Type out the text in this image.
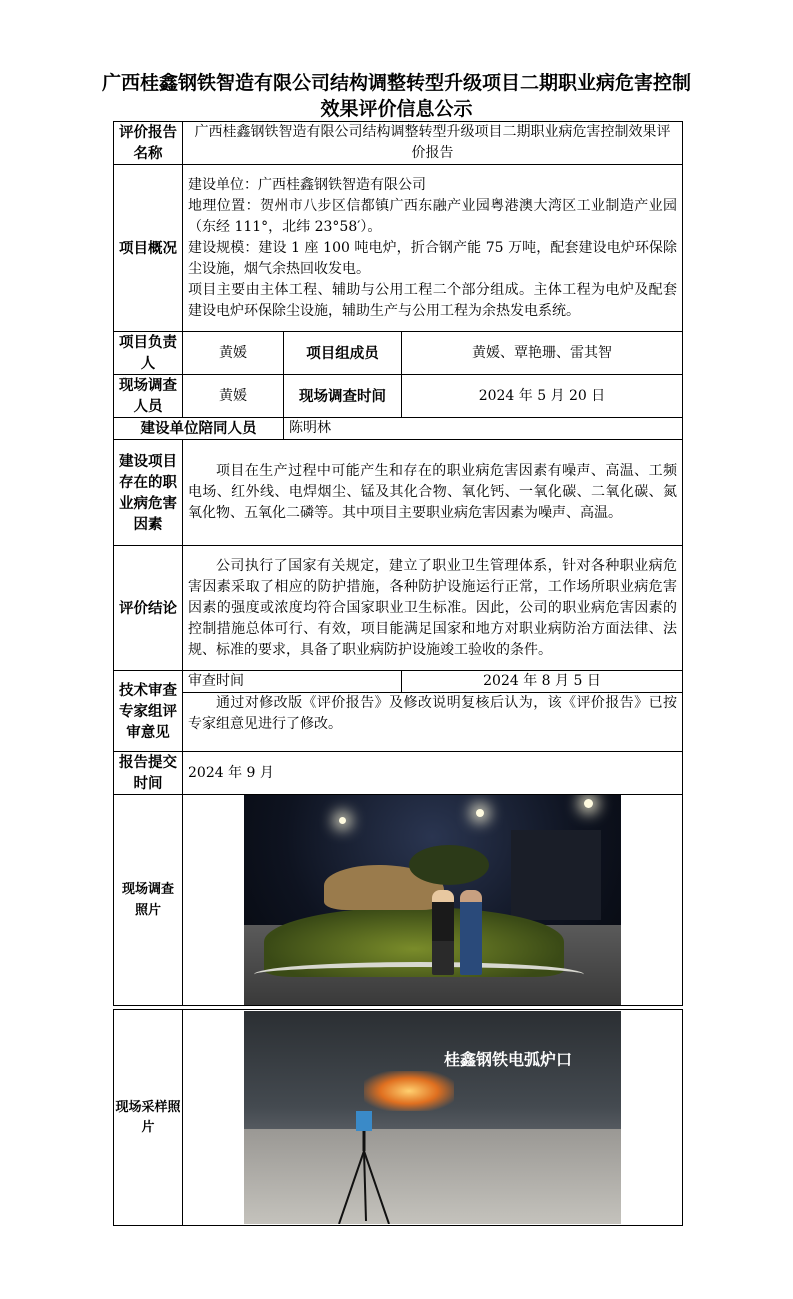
广西桂鑫钢铁智造有限公司结构调整转型升级项目二期职业病危害控制效果评价信息公示
评价报告名称	广西桂鑫钢铁智造有限公司结构调整转型升级项目二期职业病危害控制效果评价报告		
项目概况	建设单位：广西桂鑫钢铁智造有限公司
地理位置：贺州市八步区信都镇广西东融产业园粤港澳大湾区工业制造产业园（东经 111°，北纬 23°58′）。
建设规模：建设 1 座 100 吨电炉，折合钢产能 75 万吨，配套建设电炉环保除尘设施，烟气余热回收发电。
项目主要由主体工程、辅助与公用工程二个部分组成。主体工程为电炉及配套建设电炉环保除尘设施，辅助生产与公用工程为余热发电系统。		

项目负责人	黄媛	项目组成员	黄媛、覃艳珊、雷其智
现场调查人员	黄媛	现场调查时间	2024 年 5 月 20 日
建设单位陪同人员		陈明林	
建设项目存在的职业病危害因素	项目在生产过程中可能产生和存在的职业病危害因素有噪声、高温、工频电场、红外线、电焊烟尘、锰及其化合物、氧化钙、一氧化碳、二氧化碳、氮氧化物、五氧化二磷等。其中项目主要职业病危害因素为噪声、高温。		
评价结论	公司执行了国家有关规定，建立了职业卫生管理体系，针对各种职业病危害因素采取了相应的防护措施，各种防护设施运行正常，工作场所职业病危害因素的强度或浓度均符合国家职业卫生标准。因此，公司的职业病危害因素的控制措施总体可行、有效，项目能满足国家和地方对职业病防治方面法律、法规、标准的要求，具备了职业病防护设施竣工验收的条件。		
技术审查专家组评审意见	审查时间		2024 年 8 月 5 日
	通过对修改版《评价报告》及修改说明复核后认为，该《评价报告》已按专家组意见进行了修改。		
报告提交时间	2024 年 9 月		
现场调查照片			
现场采样照片	
桂鑫钢铁电弧炉口
